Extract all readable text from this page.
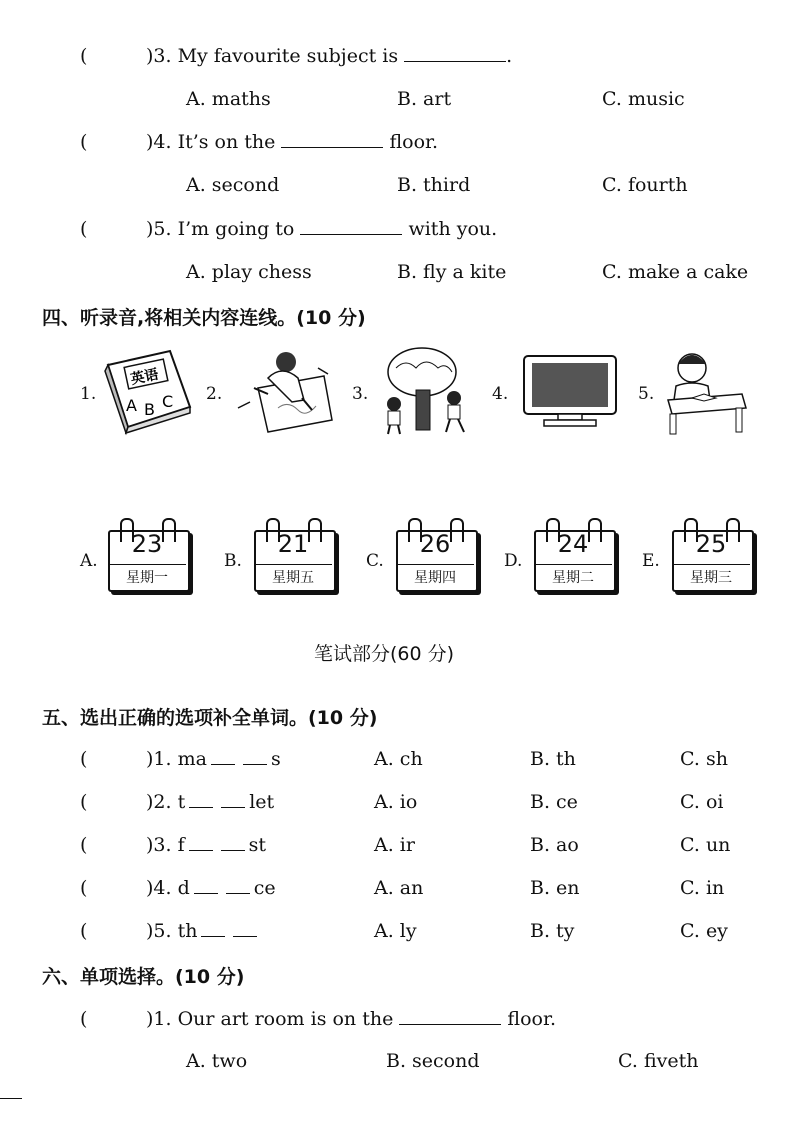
(	)3. My favourite subject is	.
A. maths	B. art	C. music
(	)4. It’s on the	floor.
A. second	B. third	C. fourth
(	)5. I’m going to	with you.
A. play chess	B. fly a kite	C. make a cake
四、听录音,将相关内容连线。(10 分)
1.
英语
A B C 2.	3.	4.	5.
A.
23
星期一
B.
21
星期五
C.
26
星期四
D.
24
星期二
E.
25
星期三
笔试部分(60 分)
五、选出正确的选项补全单词。(10 分)
(	)1. ma	s	A. ch	B. th	C. sh
(	)2. t	let	A. io	B. ce	C. oi
(	)3. f	st	A. ir	B. ao	C. un
(	)4. d	ce	A. an	B. en	C. in
(	)5. th	A. ly	B. ty	C. ey
六、单项选择。(10 分)
(	)1. Our art room is on the	floor.
A. two	B. second	C. fiveth
